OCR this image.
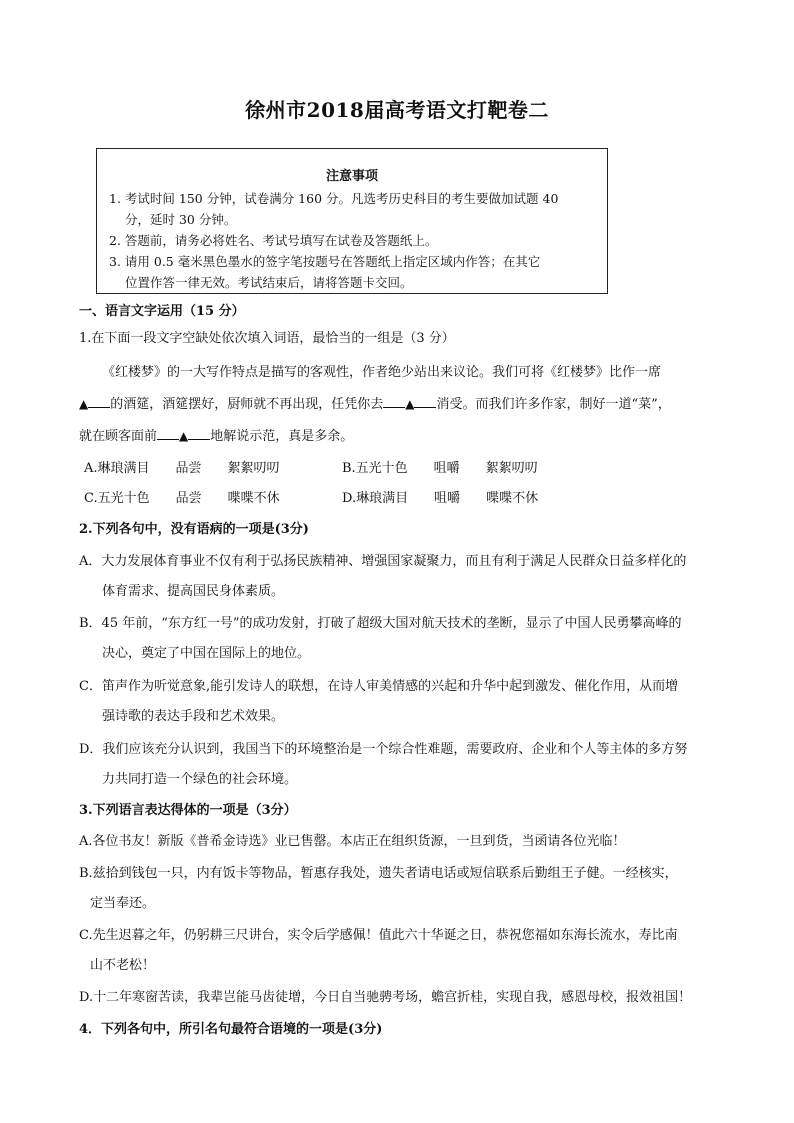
徐州市2018届高考语文打靶卷二
注意事项
1. 考试时间 150 分钟，试卷满分 160 分。凡选考历史科目的考生要做加试题 40
分，延时 30 分钟。
2. 答题前，请务必将姓名、考试号填写在试卷及答题纸上。
3. 请用 0.5 毫米黑色墨水的签字笔按题号在答题纸上指定区域内作答；在其它
位置作答一律无效。考试结束后，请将答题卡交回。
一、语言文字运用（15 分）
1.在下面一段文字空缺处依次填入词语，最恰当的一组是（3 分）
《红楼梦》的一大写作特点是描写的客观性，作者绝少站出来议论。我们可将《红楼梦》比作一席
▲ 的酒筵，酒筵摆好，厨师就不再出现，任凭你去 ▲ 消受。而我们许多作家，制好一道“菜”，
就在顾客面前 ▲ 地解说示范，真是多余。
A.琳琅满目　　品尝　　絮絮叨叨	B.五光十色　　咀嚼　　絮絮叨叨
C.五光十色　　品尝　　喋喋不休	D.琳琅满目　　咀嚼　　喋喋不休
2.下列各句中，没有语病的一项是(3分)
A．大力发展体育事业不仅有利于弘扬民族精神、增强国家凝聚力，而且有利于满足人民群众日益多样化的
体育需求、提高国民身体素质。
B．45 年前，“东方红一号”的成功发射，打破了超级大国对航天技术的垄断，显示了中国人民勇攀高峰的
决心，奠定了中国在国际上的地位。
C．笛声作为听觉意象,能引发诗人的联想，在诗人审美情感的兴起和升华中起到激发、催化作用，从而增
强诗歌的表达手段和艺术效果。
D．我们应该充分认识到，我国当下的环境整治是一个综合性难题，需要政府、企业和个人等主体的多方努
力共同打造一个绿色的社会环境。
3.下列语言表达得体的一项是（3分）
A.各位书友！新版《普希金诗选》业已售罄。本店正在组织货源，一旦到货，当函请各位光临！
B.兹拾到钱包一只，内有饭卡等物品，暂惠存我处，遗失者请电话或短信联系后勤组王子健。一经核实，
定当奉还。
C.先生迟暮之年，仍躬耕三尺讲台，实令后学感佩！值此六十华诞之日，恭祝您福如东海长流水，寿比南
山不老松！
D.十二年寒窗苦读，我辈岂能马齿徒增，今日自当驰骋考场，蟾宫折桂，实现自我，感恩母校，报效祖国！
4．下列各句中，所引名句最符合语境的一项是(3分)
